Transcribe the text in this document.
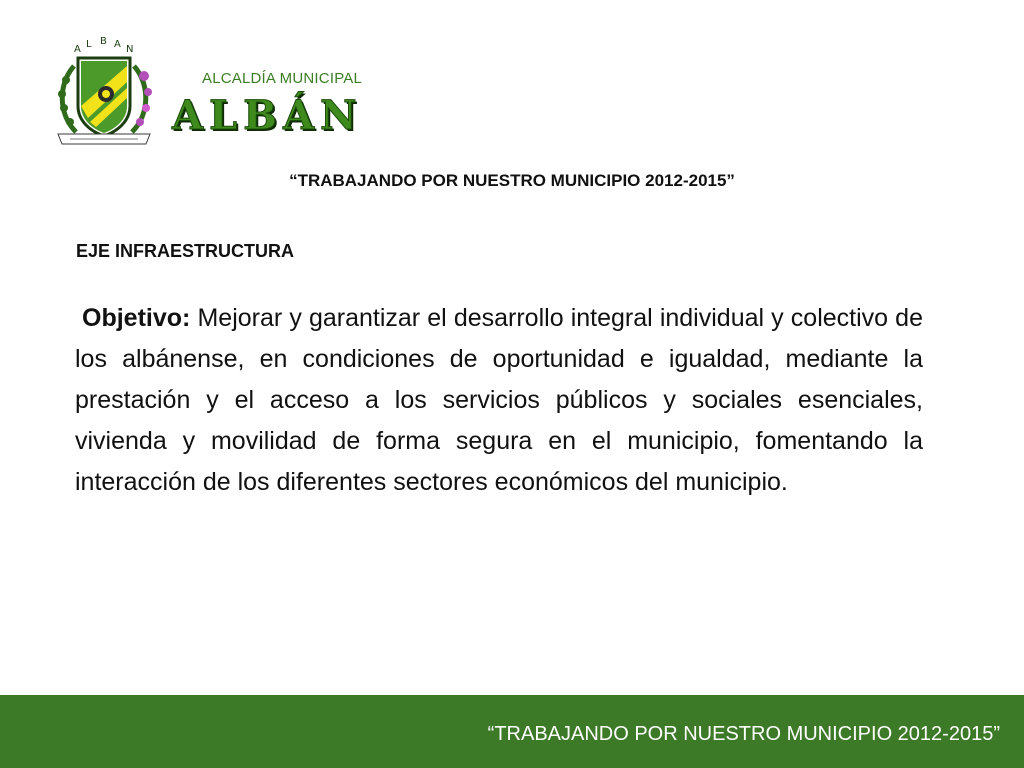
A L B A N
ALCALDÍA MUNICIPAL
ALBÁN
“TRABAJANDO POR NUESTRO MUNICIPIO 2012-2015”
EJE INFRAESTRUCTURA

Objetivo: Mejorar y garantizar el desarrollo integral individual y colectivo de los albánense, en condiciones de oportunidad e igualdad, mediante la prestación y el acceso a los servicios públicos y sociales esenciales, vivienda y movilidad de forma segura en el municipio, fomentando la interacción de los diferentes sectores económicos del municipio.

“TRABAJANDO POR NUESTRO MUNICIPIO 2012-2015”
